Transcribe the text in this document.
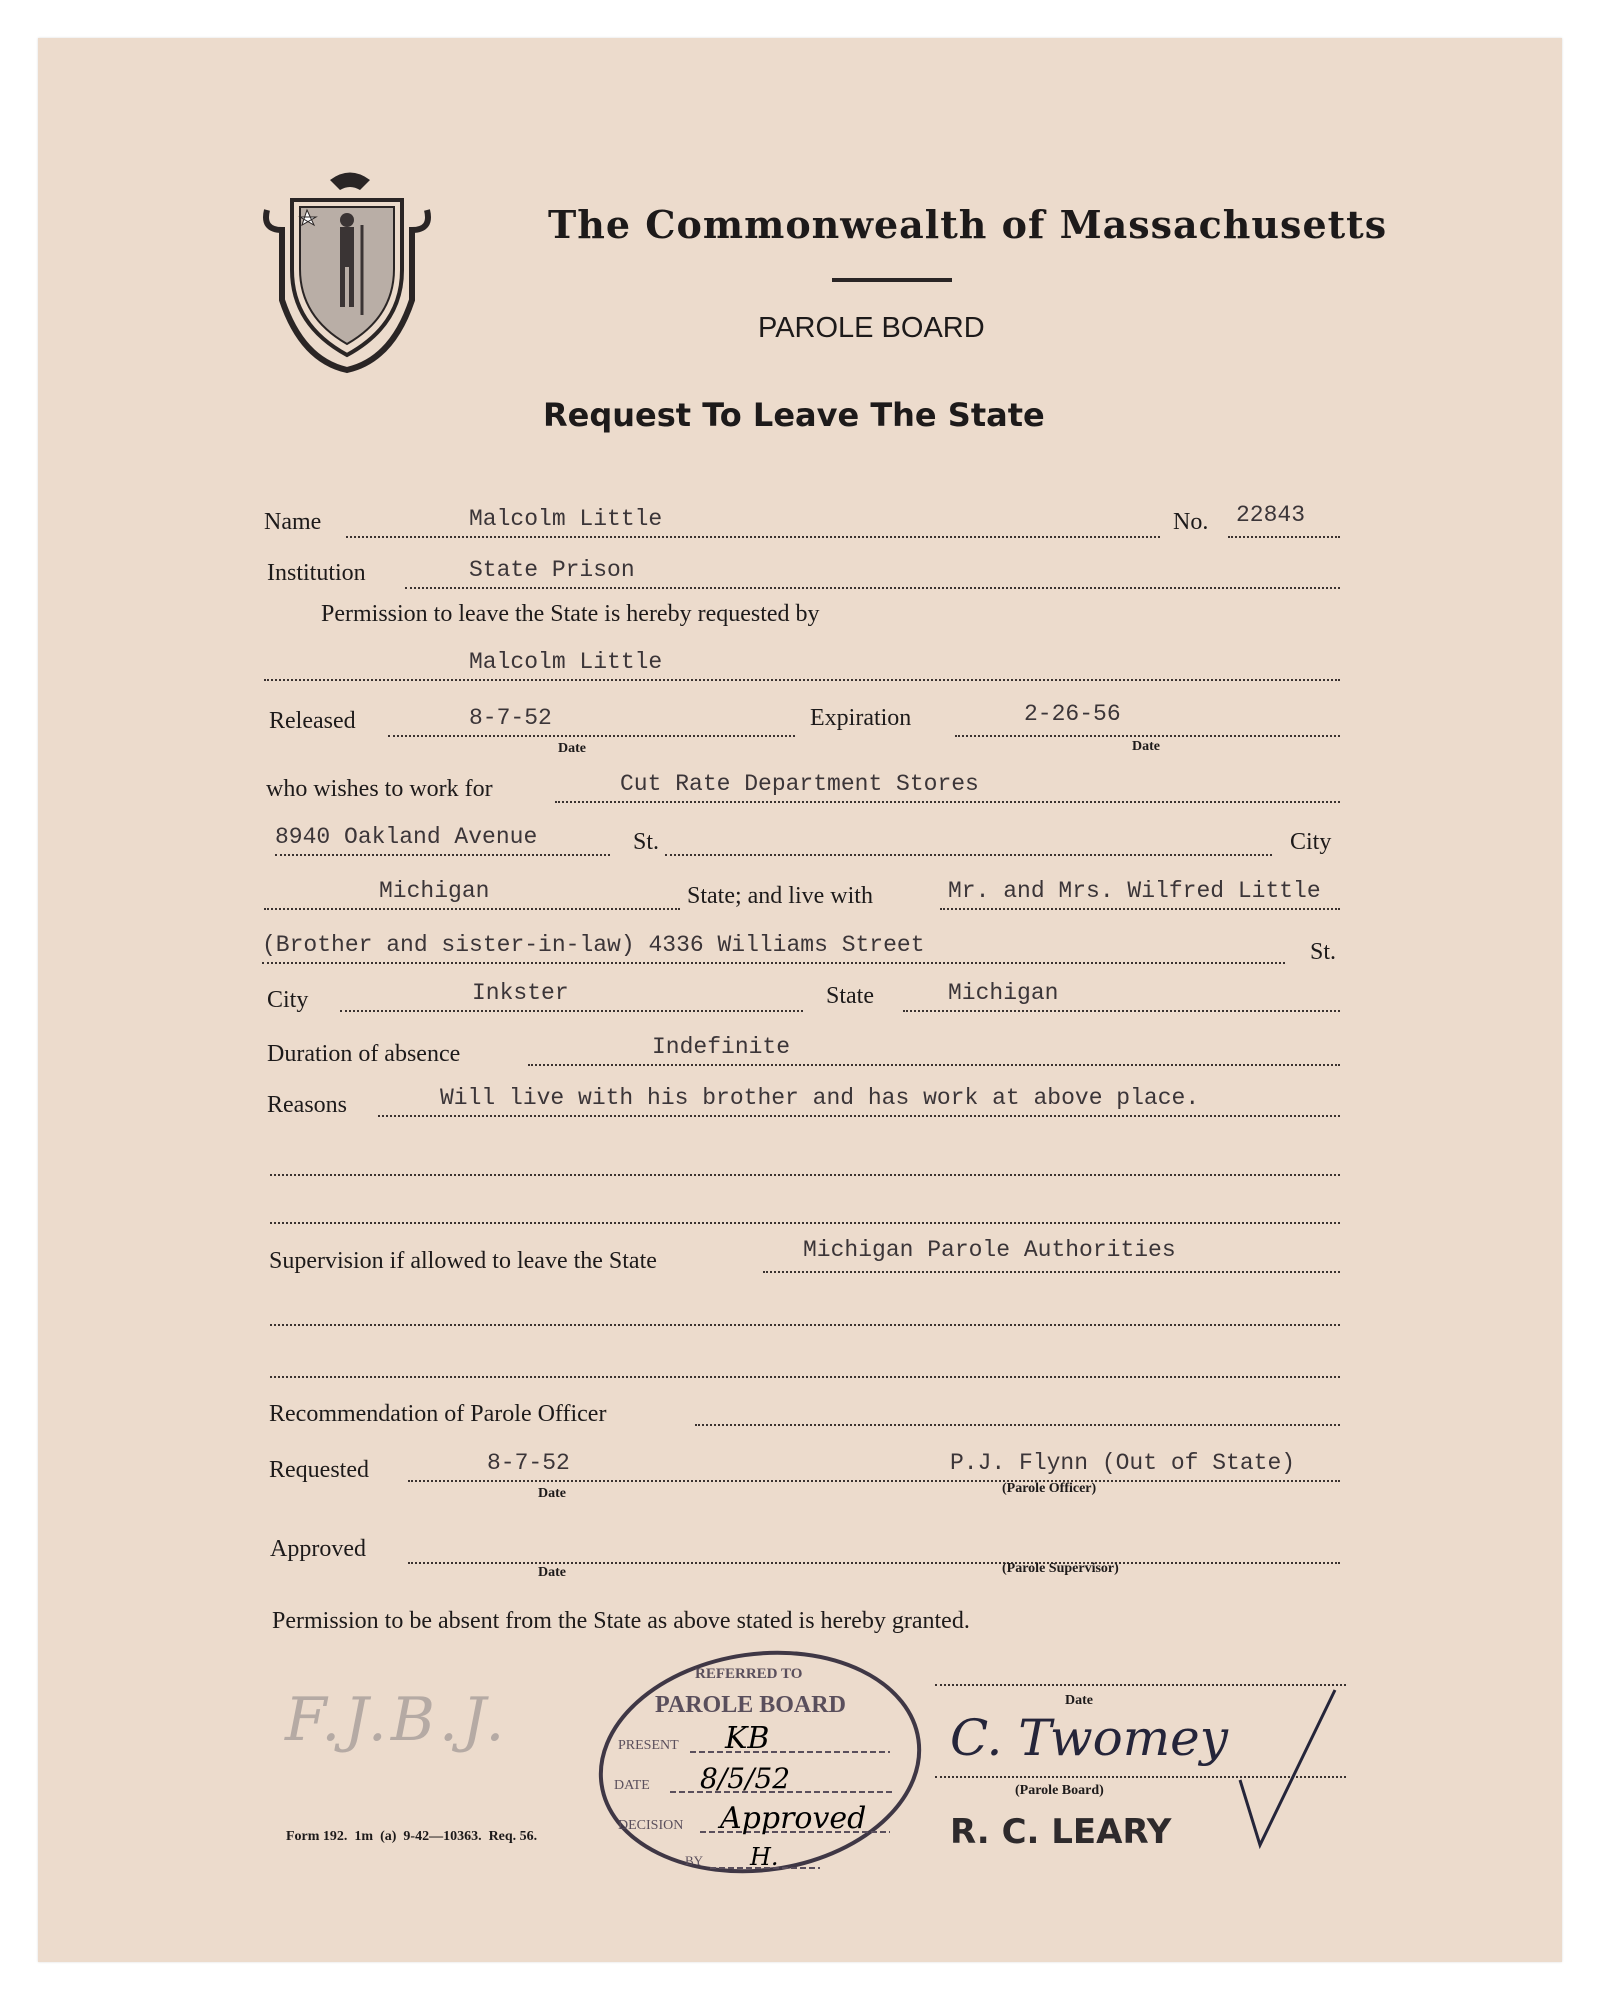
The Commonwealth of Massachusetts
PAROLE BOARD
Request To Leave The State
Name	Malcolm Little	No. 22843
Institution	State Prison
Permission to leave the State is hereby requested by
Malcolm Little
Released	8-7-52
Date
Expiration	2-26-56
Date
who wishes to work for	Cut Rate Department Stores
8940 Oakland Avenue	St.	City
Michigan	State; and live with	Mr. and Mrs. Wilfred Little
(Brother and sister-in-law) 4336 Williams Street	St.
City	Inkster	State	Michigan
Duration of absence	Indefinite
Reasons	Will live with his brother and has work at above place.
Supervision if allowed to leave the State	Michigan Parole Authorities
Recommendation of Parole Officer
Requested	8-7-52	P.J. Flynn (Out of State)
Date	(Parole Officer)
Approved
Date	(Parole Supervisor)
Permission to be absent from the State as above stated is hereby granted.
Date
(Parole Board)
F.J.B.J.
REFERRED TO
PAROLE BOARD
PRESENT KB
DATE 8/5/52
DECISION Approved
BY H.
C. Twomey
R. C. LEARY
Form 192.  1m  (a)  9-42—10363.  Req. 56.
